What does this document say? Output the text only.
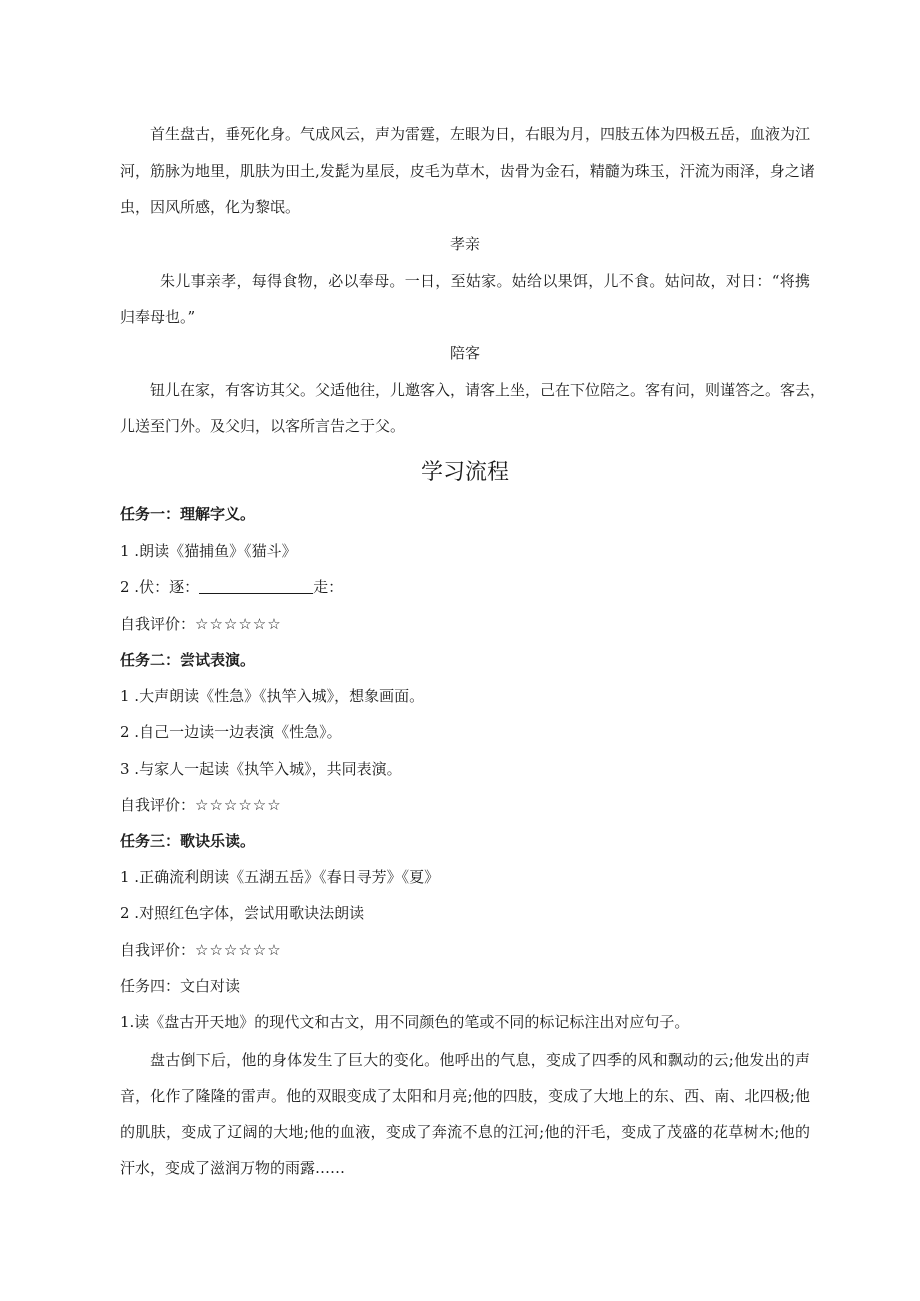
首生盘古，垂死化身。气成风云，声为雷霆，左眼为日，右眼为月，四肢五体为四极五岳，血液为江
河，筋脉为地里，肌肤为田土,发髭为星辰，皮毛为草木，齿骨为金石，精髓为珠玉，汗流为雨泽，身之诸
虫，因风所感，化为黎氓。
孝亲
朱儿事亲孝，每得食物，必以奉母。一日，至姑家。姑给以果饵，儿不食。姑问故，对日：“将携
归奉母也。”
陪客
钮儿在家，有客访其父。父适他往，儿邀客入，请客上坐，己在下位陪之。客有问，则谨答之。客去，
儿送至门外。及父归，以客所言告之于父。
学习流程
任务一：理解字义。
1 .朗读《猫捕鱼》《猫斗》
2 .伏：逐：	走：
自我评价：☆☆☆☆☆☆
任务二：尝试表演。
1 .大声朗读《性急》《执竿入城》，想象画面。
2 .自己一边读一边表演《性急》。
3 .与家人一起读《执竿入城》，共同表演。
自我评价：☆☆☆☆☆☆
任务三：歌诀乐读。
1 .正确流利朗读《五湖五岳》《春日寻芳》《夏》
2 .对照红色字体，尝试用歌诀法朗读
自我评价：☆☆☆☆☆☆
任务四：文白对读
1.读《盘古开天地》的现代文和古文，用不同颜色的笔或不同的标记标注出对应句子。
盘古倒下后，他的身体发生了巨大的变化。他呼出的气息，变成了四季的风和飘动的云;他发出的声
音，化作了隆隆的雷声。他的双眼变成了太阳和月亮;他的四肢，变成了大地上的东、西、南、北四极;他
的肌肤，变成了辽阔的大地;他的血液，变成了奔流不息的江河;他的汗毛，变成了茂盛的花草树木;他的
汗水，变成了滋润万物的雨露……
